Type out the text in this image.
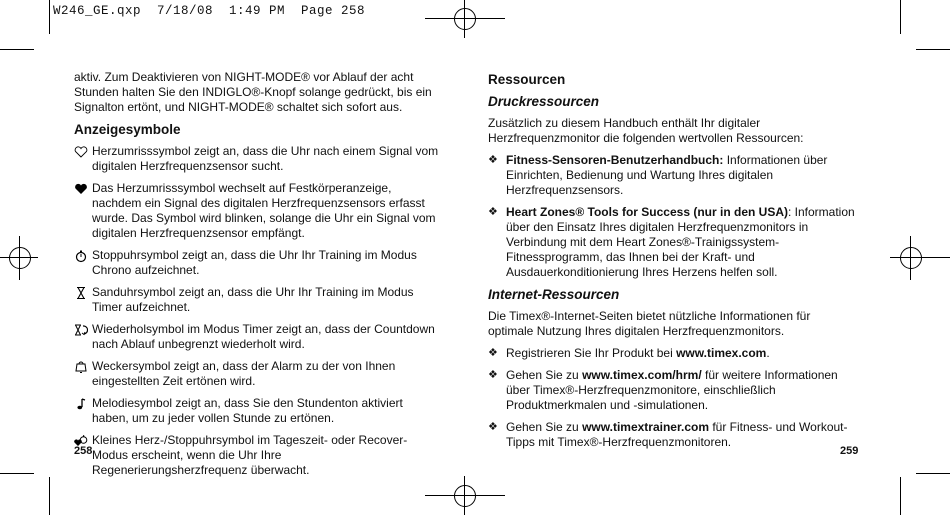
W246_GE.qxp  7/18/08  1:49 PM  Page 258

aktiv. Zum Deaktivieren von NIGHT-MODE® vor Ablauf der acht Stunden halten Sie den INDIGLO®-Knopf solange gedrückt, bis ein Signalton ertönt, und NIGHT-MODE® schaltet sich sofort aus.

Anzeigesymbole
Herzumrisssymbol zeigt an, dass die Uhr nach einem Signal vom digitalen Herzfrequenzsensor sucht.
Das Herzumrisssymbol wechselt auf Festkörperanzeige, nachdem ein Signal des digitalen Herzfrequenzsensors erfasst wurde. Das Symbol wird blinken, solange die Uhr ein Signal vom digitalen Herzfrequenzsensor empfängt.
Stoppuhrsymbol zeigt an, dass die Uhr Ihr Training im Modus Chrono aufzeichnet.
Sanduhrsymbol zeigt an, dass die Uhr Ihr Training im Modus Timer aufzeichnet.
Wiederholsymbol im Modus Timer zeigt an, dass der Countdown nach Ablauf unbegrenzt wiederholt wird.
Weckersymbol zeigt an, dass der Alarm zu der von Ihnen eingestellten Zeit ertönen wird.
Melodiesymbol zeigt an, dass Sie den Stundenton aktiviert haben, um zu jeder vollen Stunde zu ertönen.
Kleines Herz-/Stoppuhrsymbol im Tageszeit- oder Recover-Modus erscheint, wenn die Uhr Ihre Regenerierungsherzfrequenz überwacht.
258
Ressourcen
Druckressourcen

Zusätzlich zu diesem Handbuch enthält Ihr digitaler Herzfrequenzmonitor die folgenden wertvollen Ressourcen:

❖ Fitness-Sensoren-Benutzerhandbuch: Informationen über Einrichten, Bedienung und Wartung Ihres digitalen Herzfrequenzsensors.
❖ Heart Zones® Tools for Success (nur in den USA): Information über den Einsatz Ihres digitalen Herzfrequenzmonitors in Verbindung mit dem Heart Zones®-Trainigssystem-Fitnessprogramm, das Ihnen bei der Kraft- und Ausdauerkonditionierung Ihres Herzens helfen soll.
Internet-Ressourcen

Die Timex®-Internet-Seiten bietet nützliche Informationen für optimale Nutzung Ihres digitalen Herzfrequenzmonitors.

❖ Registrieren Sie Ihr Produkt bei www.timex.com.
❖ Gehen Sie zu www.timex.com/hrm/ für weitere Informationen über Timex®-Herzfrequenzmonitore, einschließlich Produktmerkmalen und -simulationen.
❖ Gehen Sie zu www.timextrainer.com für Fitness- und Workout-Tipps mit Timex®-Herzfrequenzmonitoren.
259
